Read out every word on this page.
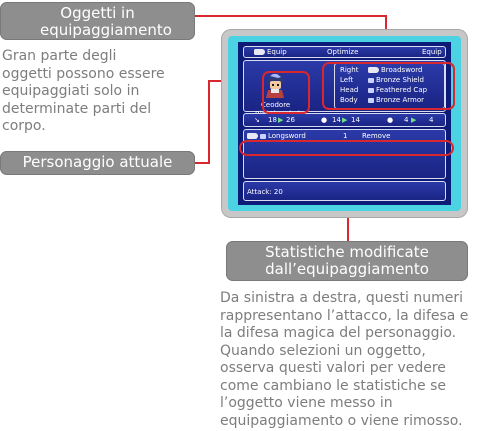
Oggetti in equipaggiamento
Gran parte degli oggetti possono essere equipaggiati solo in determinate parti del corpo.
Personaggio attuale
Equip	Optimize	Equip
Ceodore
Right	Broadsword
Left	Bronze Shield
Head	Feathered Cap
Body	Bronze Armor
↘ 18 ▶ 26	● 14 ▶ 14	● 4 ▶ 4
Longsword	1 Remove
Attack: 20
Statistiche modificate dall’equipaggiamento
Da sinistra a destra, questi numeri rappresentano l’attacco, la difesa e la difesa magica del personaggio. Quando selezioni un oggetto, osserva questi valori per vedere come cambiano le statistiche se l’oggetto viene messo in equipaggiamento o viene rimosso.
